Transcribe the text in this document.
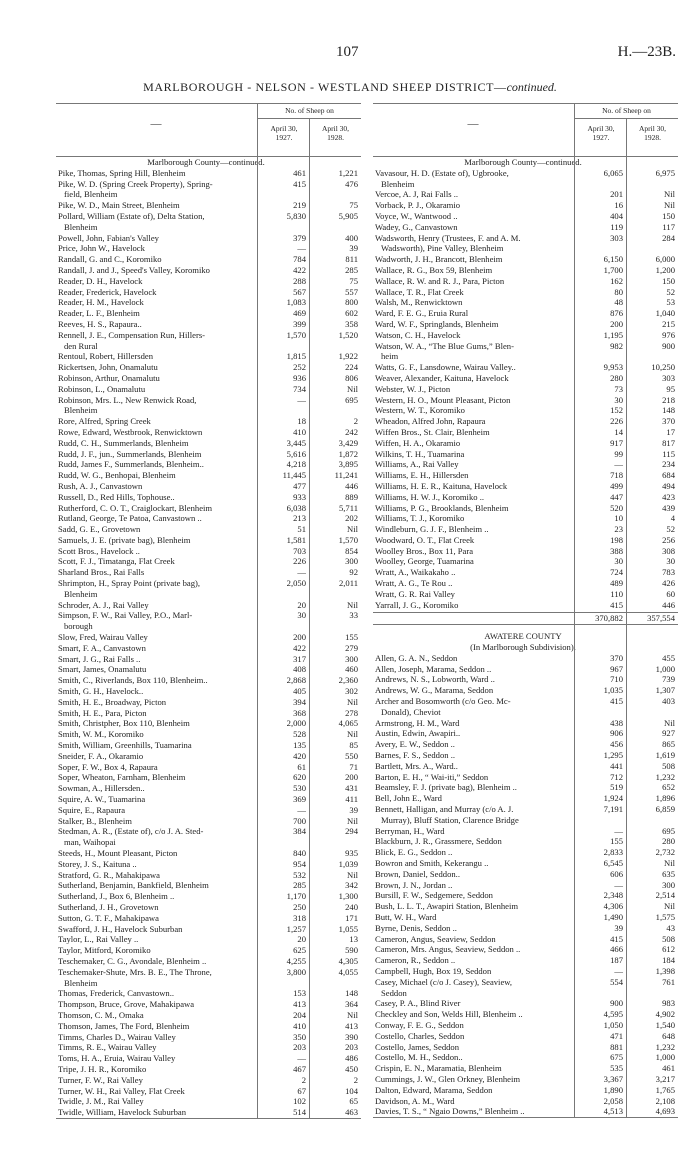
107	H.—23B.
MARLBOROUGH - NELSON - WESTLAND SHEEP DISTRICT—continued.
—
No. of Sheep on
April 30,
1927.
April 30,
1928.
Marlborough County—continued.
Pike, Thomas, Spring Hill, Blenheim	461	1,221
Pike, W. D. (Spring Creek Property), Spring-	415	476
field, Blenheim
Pike, W. D., Main Street, Blenheim	219	75
Pollard, William (Estate of), Delta Station,	5,830	5,905
Blenheim
Powell, John, Fabian's Valley	379	400
Price, John W., Havelock	—	39
Randall, G. and C., Koromiko	784	811
Randall, J. and J., Speed's Valley, Koromiko	422	285
Reader, D. H., Havelock	288	75
Reader, Frederick, Havelock	567	557
Reader, H. M., Havelock	1,083	800
Reader, L. F., Blenheim	469	602
Reeves, H. S., Rapaura..	399	358
Rennell, J. E., Compensation Run, Hillers-	1,570	1,520
den Rural
Rentoul, Robert, Hillersden	1,815	1,922
Rickertsen, John, Onamalutu	252	224
Robinson, Arthur, Onamalutu	936	806
Robinson, L., Onamalutu	734	Nil
Robinson, Mrs. L., New Renwick Road,	—	695
Blenheim
Rore, Alfred, Spring Creek	18	2
Rowe, Edward, Westbrook, Renwicktown	410	242
Rudd, C. H., Summerlands, Blenheim	3,445	3,429
Rudd, J. F., jun., Summerlands, Blenheim	5,616	1,872
Rudd, James F., Summerlands, Blenheim..	4,218	3,895
Rudd, W. G., Benhopai, Blenheim	11,445	11,241
Rush, A. J., Canvastown	477	446
Russell, D., Red Hills, Tophouse..	933	889
Rutherford, C. O. T., Craiglockart, Blenheim	6,038	5,711
Rutland, George, Te Patoa, Canvastown ..	213	202
Sadd, G. E., Grovetown	51	Nil
Samuels, J. E. (private bag), Blenheim	1,581	1,570
Scott Bros., Havelock ..	703	854
Scott, F. J., Timatanga, Flat Creek	226	300
Sharland Bros., Rai Falls	—	92
Shrimpton, H., Spray Point (private bag),	2,050	2,011
Blenheim
Schroder, A. J., Rai Valley	20	Nil
Simpson, F. W., Rai Valley, P.O., Marl-	30	33
borough
Slow, Fred, Wairau Valley	200	155
Smart, F. A., Canvastown	422	279
Smart, J. G., Rai Falls ..	317	300
Smart, James, Onamalutu	408	460
Smith, C., Riverlands, Box 110, Blenheim..	2,868	2,360
Smith, G. H., Havelock..	405	302
Smith, H. E., Broadway, Picton	394	Nil
Smith, H. E., Para, Picton	368	278
Smith, Christpher, Box 110, Blenheim	2,000	4,065
Smith, W. M., Koromiko	528	Nil
Smith, William, Greenhills, Tuamarina	135	85
Sneider, F. A., Okaramio	420	550
Soper, F. W., Box 4, Rapaura	61	71
Soper, Wheaton, Farnham, Blenheim	620	200
Sowman, A., Hillersden..	530	431
Squire, A. W., Tuamarina	369	411
Squire, E., Rapaura	—	39
Stalker, B., Blenheim	700	Nil
Stedman, A. R., (Estate of), c/o J. A. Sted-	384	294
man, Waihopai
Steeds, H., Mount Pleasant, Picton	840	935
Storey, J. S., Kaituna ..	954	1,039
Stratford, G. R., Mahakipawa	532	Nil
Sutherland, Benjamin, Bankfield, Blenheim	285	342
Sutherland, J., Box 6, Blenheim ..	1,170	1,300
Sutherland, J. H., Grovetown	250	240
Sutton, G. T. F., Mahakipawa	318	171
Swafford, J. H., Havelock Suburban	1,257	1,055
Taylor, L., Rai Valley ..	20	13
Taylor, Mitford, Koromiko	625	590
Teschemaker, C. G., Avondale, Blenheim ..	4,255	4,305
Teschemaker-Shute, Mrs. B. E., The Throne,	3,800	4,055
Blenheim
Thomas, Frederick, Canvastown..	153	148
Thompson, Bruce, Grove, Mahakipawa	413	364
Thomson, C. M., Omaka	204	Nil
Thomson, James, The Ford, Blenheim	410	413
Timms, Charles D., Wairau Valley	350	390
Timms, R. E., Wairau Valley	203	203
Toms, H. A., Eruia, Wairau Valley	—	486
Tripe, J. H. R., Koromiko	467	450
Turner, F. W., Rai Valley	2	2
Turner, W. H., Rai Valley, Flat Creek	67	104
Twidle, J. M., Rai Valley	102	65
Twidle, William, Havelock Suburban	514	463
—
No. of Sheep on
April 30,
1927.
April 30,
1928.
Marlborough County—continued.
Vavasour, H. D. (Estate of), Ugbrooke,	6,065	6,975
Blenheim
Vercoe, A. J, Rai Falls ..	201	Nil
Vorback, P. J., Okaramio	16	Nil
Voyce, W., Wantwood ..	404	150
Wadey, G., Canvastown	119	117
Wadsworth, Henry (Trustees, F. and A. M.	303	284
Wadsworth), Pine Valley, Blenheim
Wadworth, J. H., Brancott, Blenheim	6,150	6,000
Wallace, R. G., Box 59, Blenheim	1,700	1,200
Wallace, R. W. and R. J., Para, Picton	162	150
Wallace, T. R., Flat Creek	80	52
Walsh, M., Renwicktown	48	53
Ward, F. E. G., Eruia Rural	876	1,040
Ward, W. F., Springlands, Blenheim	200	215
Watson, C. H., Havelock	1,195	976
Watson, W. A., “The Blue Gums,” Blen-	982	900
heim
Watts, G. F., Lansdowne, Wairau Valley..	9,953	10,250
Weaver, Alexander, Kaituna, Havelock	280	303
Webster, W. J., Picton	73	95
Western, H. O., Mount Pleasant, Picton	30	218
Western, W. T., Koromiko	152	148
Wheadon, Alfred John, Rapaura	226	370
Wiffen Bros., St. Clair, Blenheim	14	17
Wiffen, H. A., Okaramio	917	817
Wilkins, T. H., Tuamarina	99	115
Williams, A., Rai Valley	—	234
Williams, E. H., Hillersden	718	684
Williams, H. E. R., Kaituna, Havelock	499	494
Williams, H. W. J., Koromiko ..	447	423
Williams, P. G., Brooklands, Blenheim	520	439
Williams, T. J., Koromiko	10	4
Windleburn, G. J. F., Blenheim ..	23	52
Woodward, O. T., Flat Creek	198	256
Woolley Bros., Box 11, Para	388	308
Woolley, George, Tuamarina	30	30
Wratt, A., Waikakaho ..	724	783
Wratt, A. G., Te Rou ..	489	426
Wratt, G. R. Rai Valley	110	60
Yarrall, J. G., Koromiko	415	446
370,882	357,554
AWATERE COUNTY
(In Marlborough Subdivision).
Allen, G. A. N., Seddon	370	455
Allen, Joseph, Marama, Seddon ..	967	1,000
Andrews, N. S., Lobworth, Ward ..	710	739
Andrews, W. G., Marama, Seddon	1,035	1,307
Archer and Bosomworth (c/o Geo. Mc-	415	403
Donald), Cheviot
Armstrong, H. M., Ward	438	Nil
Austin, Edwin, Awapiri..	906	927
Avery, E. W., Seddon ..	456	865
Barnes, F. S., Seddon ..	1,295	1,619
Bartlett, Mrs. A., Ward..	441	508
Barton, E. H., “ Wai-iti,” Seddon	712	1,232
Beamsley, F. J. (private bag), Blenheim ..	519	652
Bell, John E., Ward	1,924	1,896
Bennett, Halligan, and Murray (c/o A. J.	7,191	6,859
Murray), Bluff Station, Clarence Bridge
Berryman, H., Ward	—	695
Blackburn, J. R., Grassmere, Seddon	155	280
Blick, E. G., Seddon ..	2,833	2,732
Bowron and Smith, Kekerangu ..	6,545	Nil
Brown, Daniel, Seddon..	606	635
Brown, J. N., Jordan ..	—	300
Bursill, F. W., Sedgemere, Seddon	2,348	2,514
Bush, L. L. T., Awapiri Station, Blenheim	4,306	Nil
Butt, W. H., Ward	1,490	1,575
Byrne, Denis, Seddon ..	39	43
Cameron, Angus, Seaview, Seddon	415	508
Cameron, Mrs. Angus, Seaview, Seddon ..	466	612
Cameron, R., Seddon ..	187	184
Campbell, Hugh, Box 19, Seddon	—	1,398
Casey, Michael (c/o J. Casey), Seaview,	554	761
Seddon
Casey, P. A., Blind River	900	983
Checkley and Son, Welds Hill, Blenheim ..	4,595	4,902
Conway, F. E. G., Seddon	1,050	1,540
Costello, Charles, Seddon	471	648
Costello, James, Seddon	881	1,232
Costello, M. H., Seddon..	675	1,000
Crispin, E. N., Maramatia, Blenheim	535	461
Cummings, J. W., Glen Orkney, Blenheim	3,367	3,217
Dalton, Edward, Marama, Seddon	1,890	1,765
Davidson, A. M., Ward	2,058	2,108
Davies, T. S., “ Ngaio Downs,” Blenheim ..	4,513	4,693
